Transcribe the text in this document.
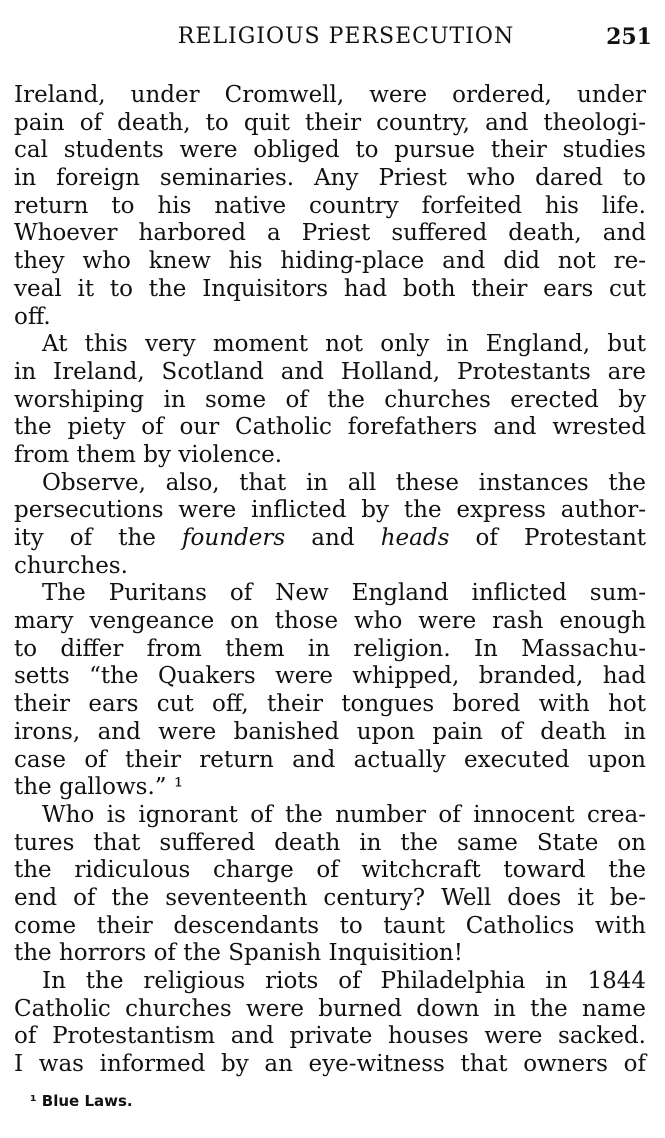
RELIGIOUS PERSECUTION	251
Ireland, under Cromwell, were ordered, under
pain of death, to quit their country, and theologi-
cal students were obliged to pursue their studies
in foreign seminaries. Any Priest who dared to
return to his native country forfeited his life.
Whoever harbored a Priest suffered death, and
they who knew his hiding-place and did not re-
veal it to the Inquisitors had both their ears cut
off.
At this very moment not only in England, but
in Ireland, Scotland and Holland, Protestants are
worshiping in some of the churches erected by
the piety of our Catholic forefathers and wrested
from them by violence.
Observe, also, that in all these instances the
persecutions were inflicted by the express author-
ity of the founders and heads of Protestant
churches.
The Puritans of New England inflicted sum-
mary vengeance on those who were rash enough
to differ from them in religion. In Massachu-
setts “the Quakers were whipped, branded, had
their ears cut off, their tongues bored with hot
irons, and were banished upon pain of death in
case of their return and actually executed upon
the gallows.” ¹
Who is ignorant of the number of innocent crea-
tures that suffered death in the same State on
the ridiculous charge of witchcraft toward the
end of the seventeenth century? Well does it be-
come their descendants to taunt Catholics with
the horrors of the Spanish Inquisition!
In the religious riots of Philadelphia in 1844
Catholic churches were burned down in the name
of Protestantism and private houses were sacked.
I was informed by an eye-witness that owners of
¹ Blue Laws.
